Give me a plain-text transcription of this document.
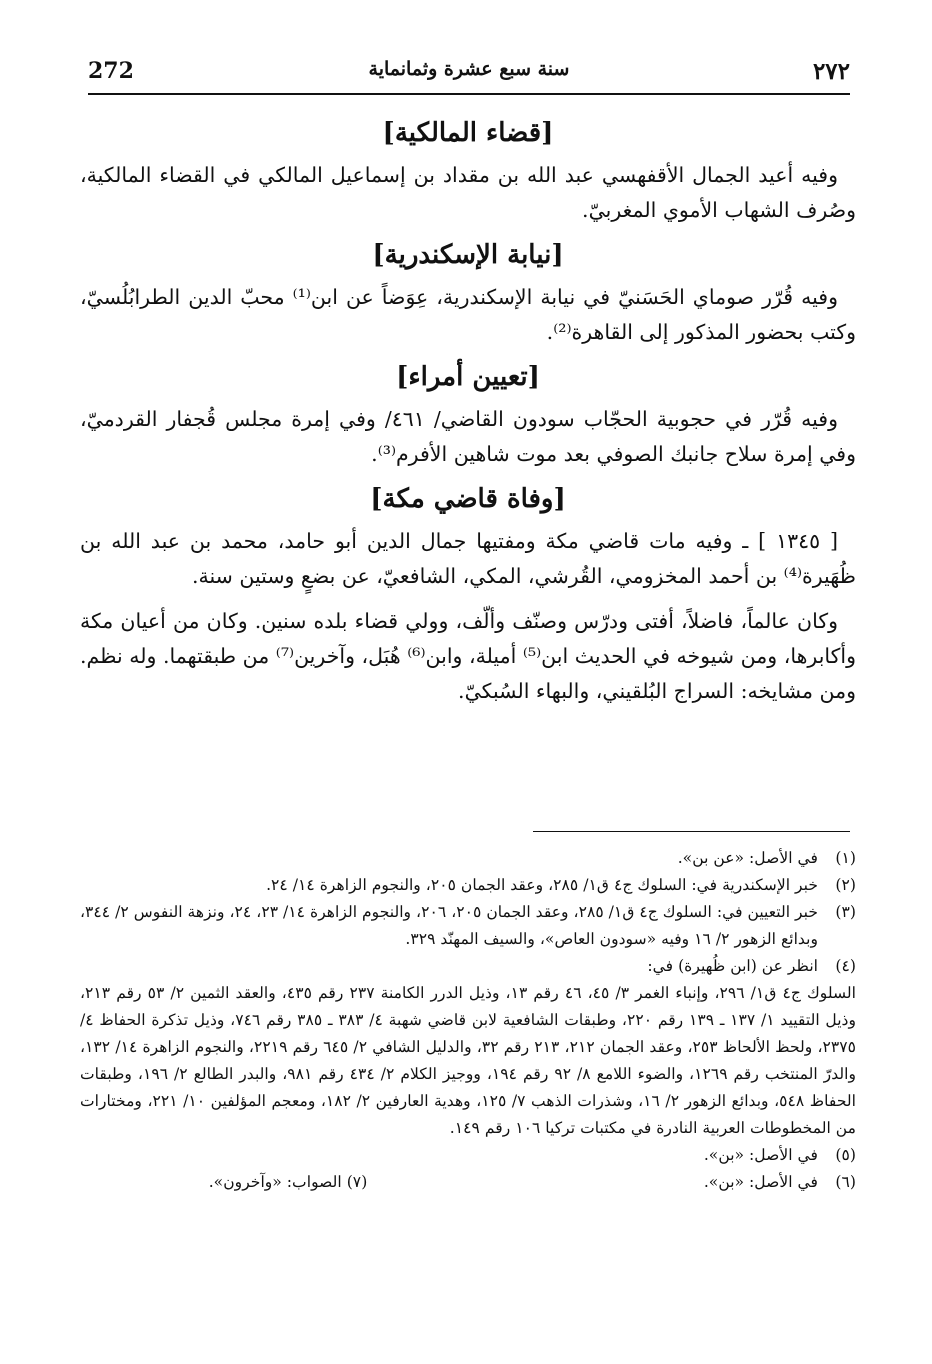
272	سنة سبع عشرة وثمانماية	٢٧٢
[قضاء المالكية]

وفيه أعيد الجمال الأقفهسي عبد الله بن مقداد بن إسماعيل المالكي في القضاء المالكية، وصُرف الشهاب الأموي المغربيّ.

[نيابة الإسكندرية]

وفيه قُرّر صوماي الحَسَنيّ في نيابة الإسكندرية، عِوَضاً عن ابن⁽¹⁾ محبّ الدين الطرابُلُسيّ، وكتب بحضور المذكور إلى القاهرة⁽²⁾.

[تعيين أمراء]

وفيه قُرّر في حجوبية الحجّاب سودون القاضي/ ٤٦١/ وفي إمرة مجلس قُجفار القردميّ، وفي إمرة سلاح جانبك الصوفي بعد موت شاهين الأفرم⁽³⁾.

[وفاة قاضي مكة]

[ ١٣٤٥ ] ـ وفيه مات قاضي مكة ومفتيها جمال الدين أبو حامد، محمد بن عبد الله بن ظُهَيرة⁽⁴⁾ بن أحمد المخزومي، القُرشي، المكي، الشافعيّ، عن بضعٍ وستين سنة.

وكان عالماً، فاضلاً، أفتى ودرّس وصنّف وألّف، وولي قضاء بلده سنين. وكان من أعيان مكة وأكابرها، ومن شيوخه في الحديث ابن⁽⁵⁾ أميلة، وابن⁽⁶⁾ هُبَل، وآخرين⁽⁷⁾ من طبقتهما. وله نظم. ومن مشايخه: السراج البُلقيني، والبهاء السُبكيّ.

(١)
في الأصل: «عن بن».
(٢)
خبر الإسكندرية في: السلوك ج٤ ق١/ ٢٨٥، وعقد الجمان ٢٠٥، والنجوم الزاهرة ١٤/ ٢٤.
(٣)
خبر التعيين في: السلوك ج٤ ق١/ ٢٨٥، وعقد الجمان ٢٠٥، ٢٠٦، والنجوم الزاهرة ١٤/ ٢٣، ٢٤، ونزهة النفوس ٢/ ٣٤٤، وبدائع الزهور ٢/ ١٦ وفيه «سودون العاص»، والسيف المهنّد ٣٢٩.
(٤)
انظر عن (ابن ظُهيرة) في:
السلوك ج٤ ق١/ ٢٩٦، وإنباء الغمر ٣/ ٤٥، ٤٦ رقم ١٣، وذيل الدرر الكامنة ٢٣٧ رقم ٤٣٥، والعقد الثمين ٢/ ٥٣ رقم ٢١٣، وذيل التقييد ١/ ١٣٧ ـ ١٣٩ رقم ٢٢٠، وطبقات الشافعية لابن قاضي شهبة ٤/ ٣٨٣ ـ ٣٨٥ رقم ٧٤٦، وذيل تذكرة الحفاظ ٤/ ٢٣٧٥، ولحظ الألحاظ ٢٥٣، وعقد الجمان ٢١٢، ٢١٣ رقم ٣٢، والدليل الشافي ٢/ ٦٤٥ رقم ٢٢١٩، والنجوم الزاهرة ١٤/ ١٣٢، والدرّ المنتخب رقم ١٢٦٩، والضوء اللامع ٨/ ٩٢ رقم ١٩٤، ووجيز الكلام ٢/ ٤٣٤ رقم ٩٨١، والبدر الطالع ٢/ ١٩٦، وطبقات الحفاظ ٥٤٨، وبدائع الزهور ٢/ ١٦، وشذرات الذهب ٧/ ١٢٥، وهدية العارفين ٢/ ١٨٢، ومعجم المؤلفين ١٠/ ٢٢١، ومختارات من المخطوطات العربية النادرة في مكتبات تركيا ١٠٦ رقم ١٤٩.
(٥)
في الأصل: «بن».
(٦)
في الأصل: «بن».
(٧) الصواب: «وآخرون».
